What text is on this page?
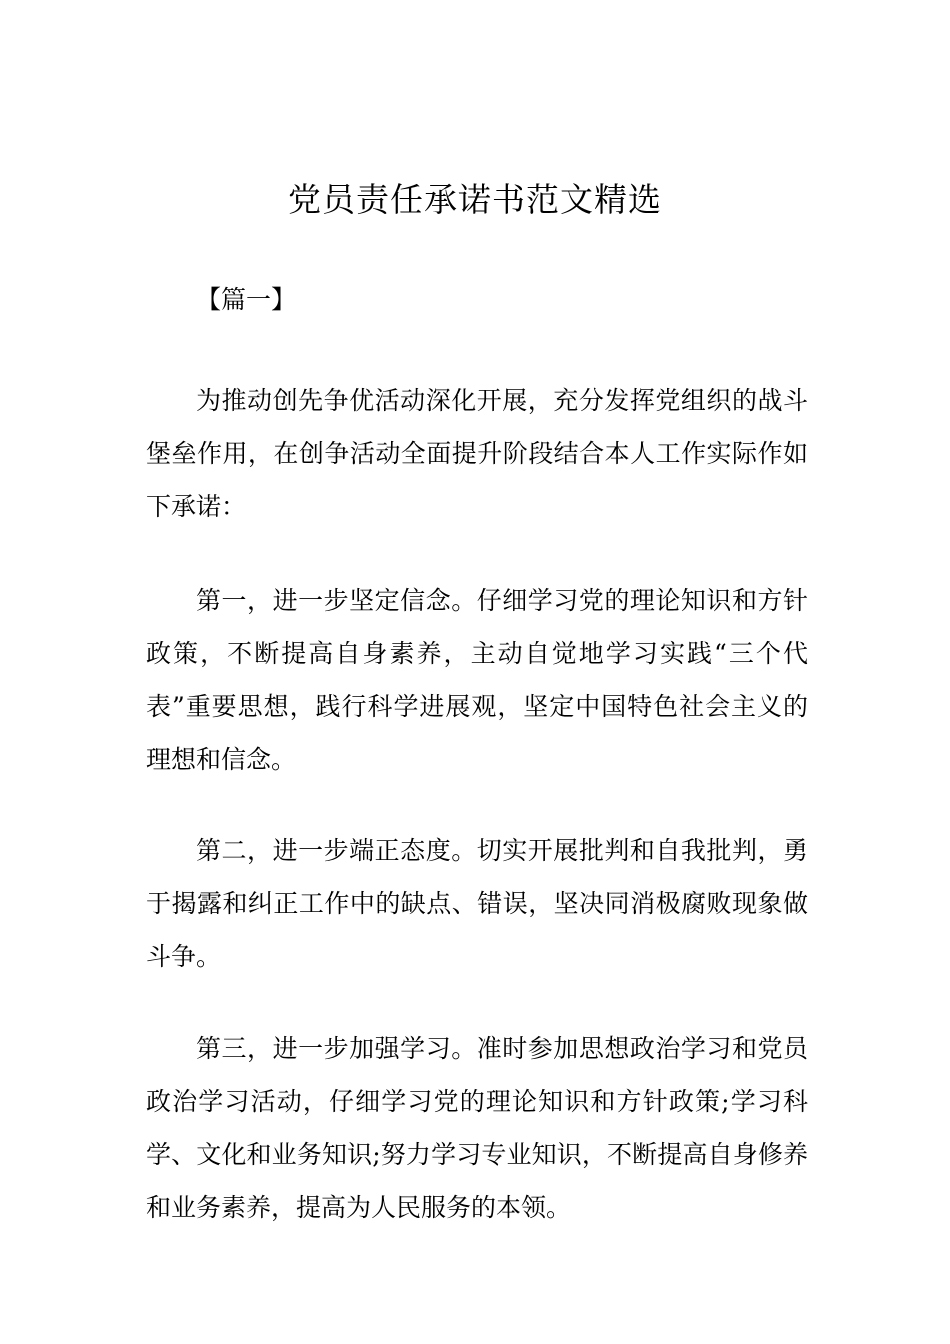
党员责任承诺书范文精选

【篇一】

为推动创先争优活动深化开展，充分发挥党组织的战斗堡垒作用，在创争活动全面提升阶段结合本人工作实际作如下承诺：

第一，进一步坚定信念。仔细学习党的理论知识和方针政策，不断提高自身素养，主动自觉地学习实践“三个代表”重要思想，践行科学进展观，坚定中国特色社会主义的理想和信念。

第二，进一步端正态度。切实开展批判和自我批判，勇于揭露和纠正工作中的缺点、错误，坚决同消极腐败现象做斗争。

第三，进一步加强学习。准时参加思想政治学习和党员政治学习活动，仔细学习党的理论知识和方针政策;学习科学、文化和业务知识;努力学习专业知识，不断提高自身修养和业务素养，提高为人民服务的本领。
